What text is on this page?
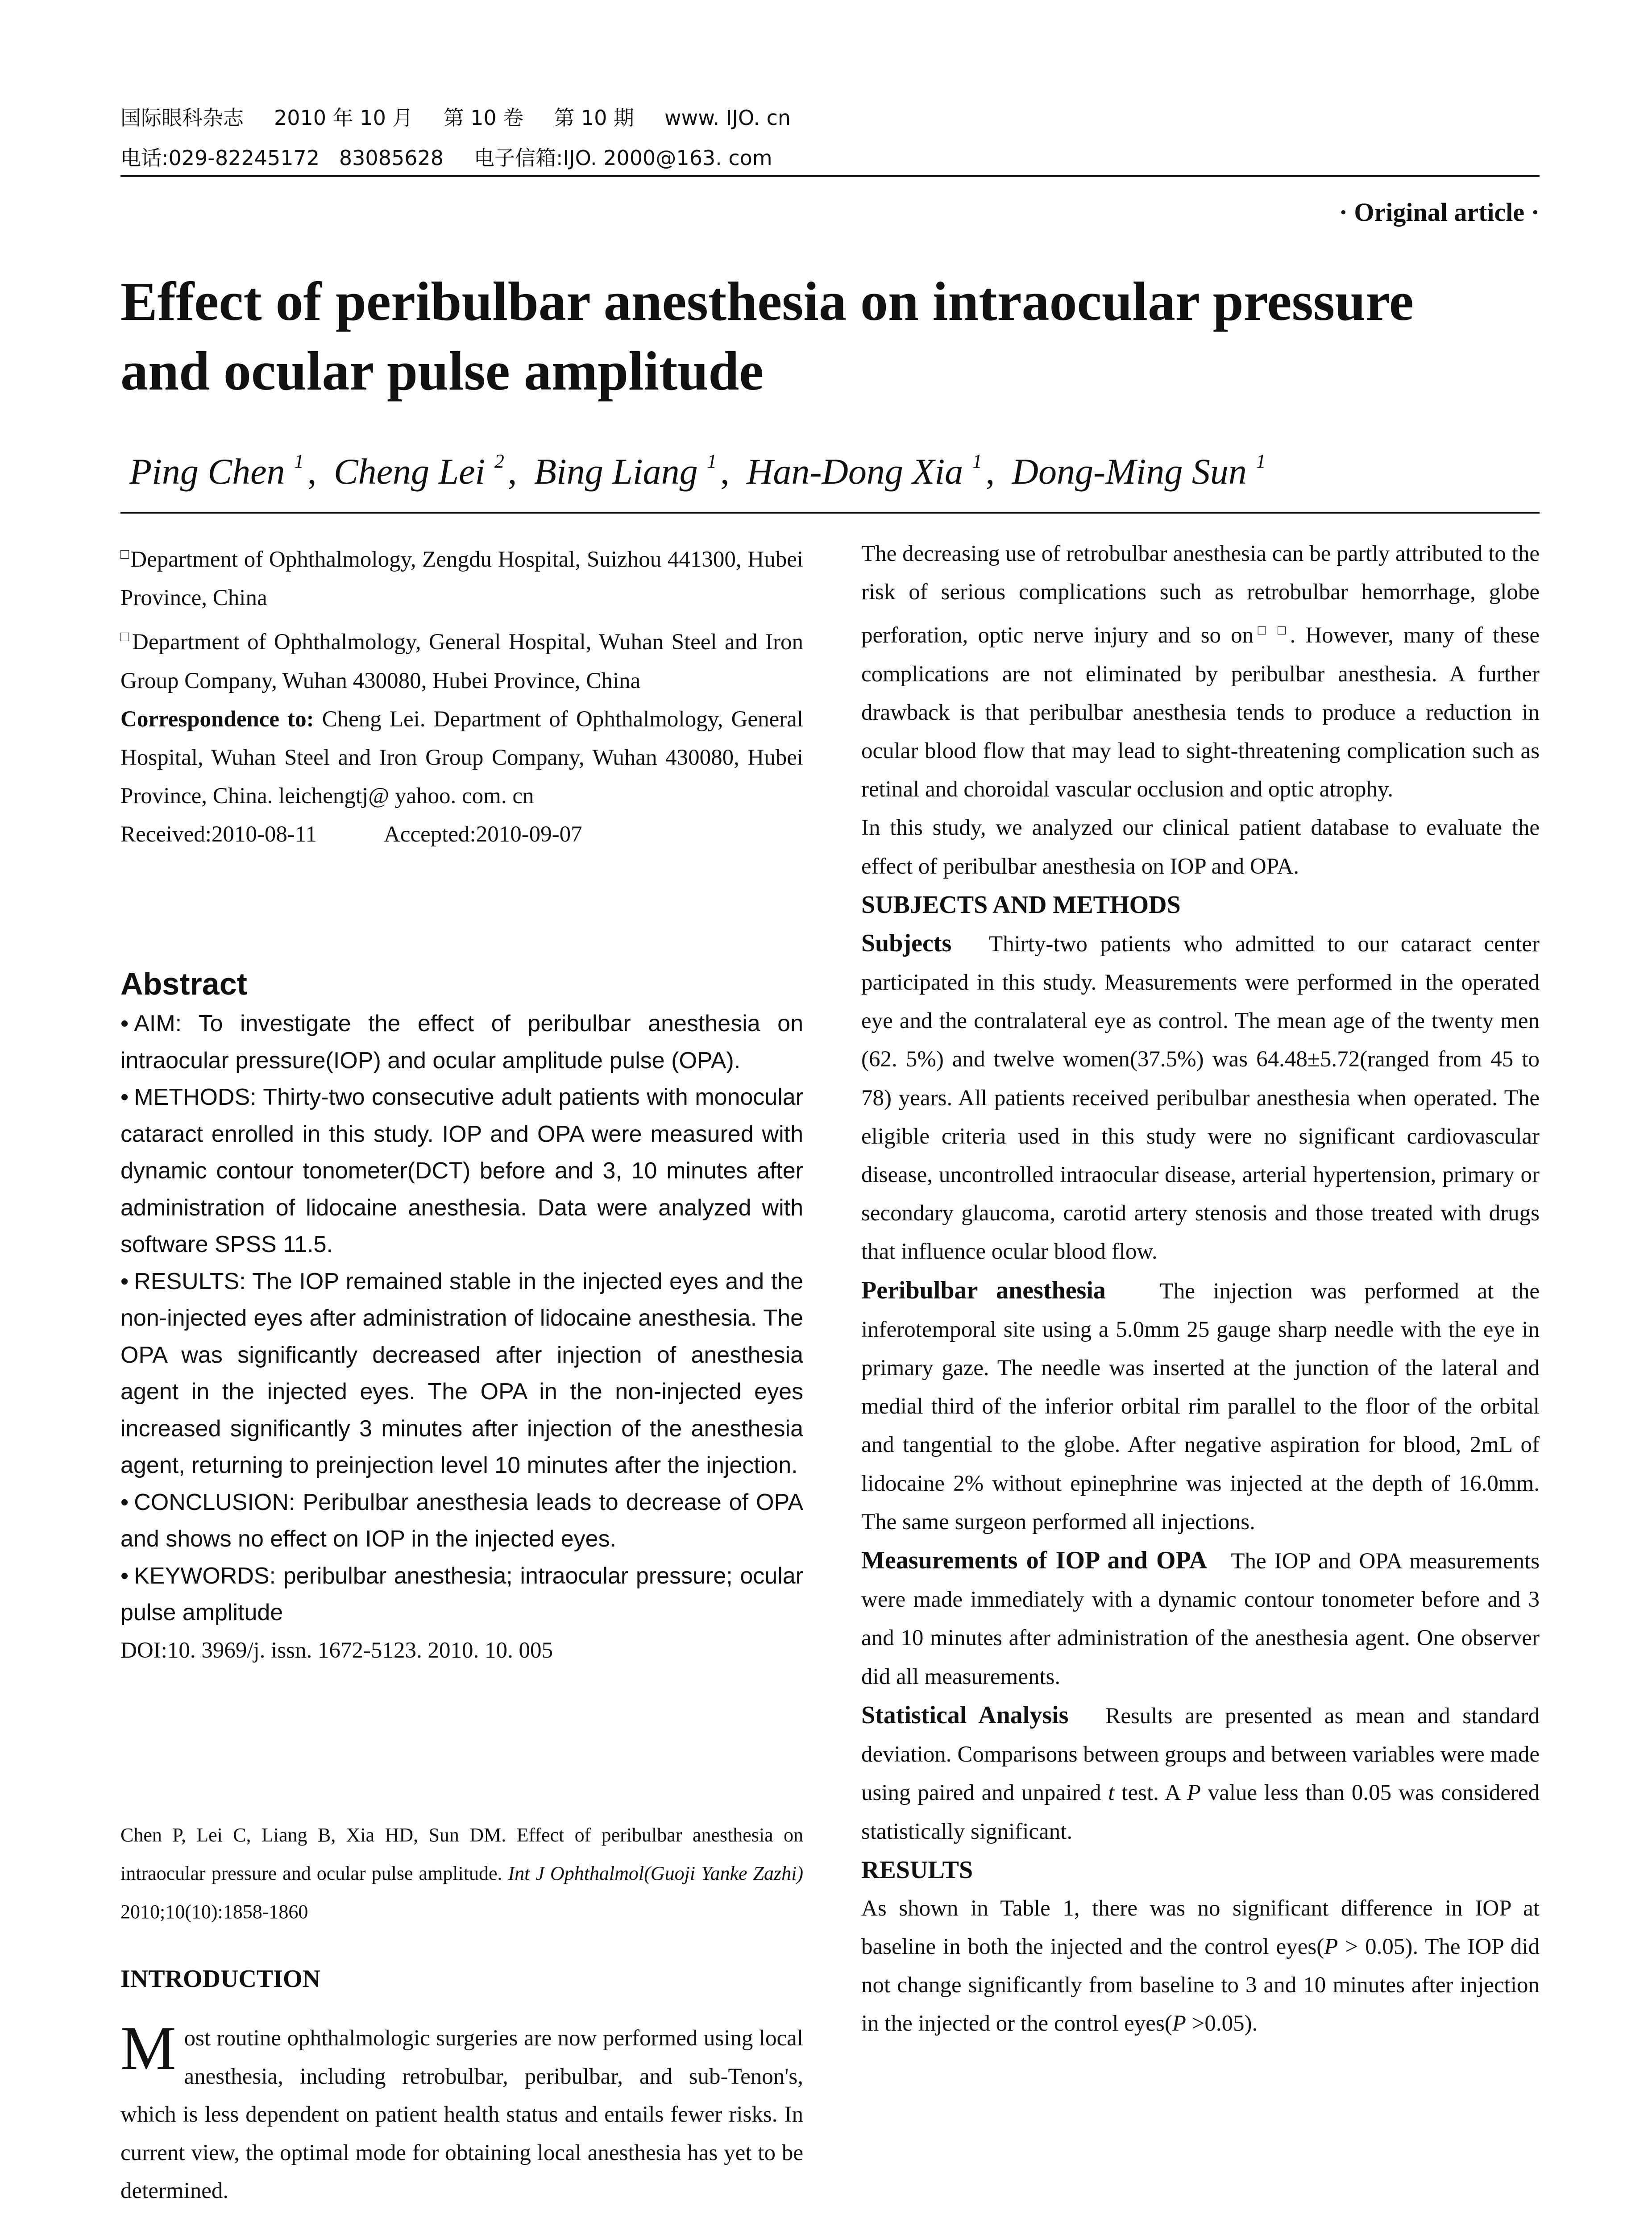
国际眼科杂志 2010 年 10 月 第 10 卷 第 10 期 www. IJO. cn
电话:029-82245172   83085628 电子信箱:IJO. 2000@163. com
· Original article ·
Effect of peribulbar anesthesia on intraocular pressure
and ocular pulse amplitude
Ping Chen $^1$, Cheng Lei $^2$, Bing Liang $^1$, Han-Dong Xia $^1$, Dong-Ming Sun $^1$

□Department of Ophthalmology, Zengdu Hospital, Suizhou 441300, Hubei Province, China

□Department of Ophthalmology, General Hospital, Wuhan Steel and Iron Group Company, Wuhan 430080, Hubei Province, China

Correspondence to: Cheng Lei. Department of Ophthalmology, General Hospital, Wuhan Steel and Iron Group Company, Wuhan 430080, Hubei Province, China. leichengtj@ yahoo. com. cn

Received:2010-08-11	Accepted:2010-09-07

Abstract

• AIM: To investigate the effect of peribulbar anesthesia on intraocular pressure(IOP) and ocular amplitude pulse (OPA).

• METHODS: Thirty-two consecutive adult patients with monocular cataract enrolled in this study. IOP and OPA were measured with dynamic contour tonometer(DCT) before and 3, 10 minutes after administration of lidocaine anesthesia. Data were analyzed with software SPSS 11.5.

• RESULTS: The IOP remained stable in the injected eyes and the non-injected eyes after administration of lidocaine anesthesia. The OPA was significantly decreased after injection of anesthesia agent in the injected eyes. The OPA in the non-injected eyes increased significantly 3 minutes after injection of the anesthesia agent, returning to preinjection level 10 minutes after the injection.

• CONCLUSION: Peribulbar anesthesia leads to decrease of OPA and shows no effect on IOP in the injected eyes.

• KEYWORDS: peribulbar anesthesia; intraocular pressure; ocular pulse amplitude

DOI:10. 3969/j. issn. 1672-5123. 2010. 10. 005

Chen P, Lei C, Liang B, Xia HD, Sun DM. Effect of peribulbar anesthesia on intraocular pressure and ocular pulse amplitude. Int J Ophthalmol(Guoji Yanke Zazhi) 2010;10(10):1858-1860
INTRODUCTION

Most routine ophthalmologic surgeries are now performed using local anesthesia, including retrobulbar, peribulbar, and sub-Tenon's, which is less dependent on patient health status and entails fewer risks. In current view, the optimal mode for obtaining local anesthesia has yet to be determined.

The decreasing use of retrobulbar anesthesia can be partly attributed to the risk of serious complications such as retrobulbar hemorrhage, globe perforation, optic nerve injury and so on□ □. However, many of these complications are not eliminated by peribulbar anesthesia. A further drawback is that peribulbar anesthesia tends to produce a reduction in ocular blood flow that may lead to sight-threatening complication such as retinal and choroidal vascular occlusion and optic atrophy.

In this study, we analyzed our clinical patient database to evaluate the effect of peribulbar anesthesia on IOP and OPA.

SUBJECTS AND METHODS

Subjects Thirty-two patients who admitted to our cataract center participated in this study. Measurements were performed in the operated eye and the contralateral eye as control. The mean age of the twenty men (62. 5%) and twelve women(37.5%) was 64.48±5.72(ranged from 45 to 78) years. All patients received peribulbar anesthesia when operated. The eligible criteria used in this study were no significant cardiovascular disease, uncontrolled intraocular disease, arterial hypertension, primary or secondary glaucoma, carotid artery stenosis and those treated with drugs that influence ocular blood flow.

Peribulbar anesthesia The injection was performed at the inferotemporal site using a 5.0mm 25 gauge sharp needle with the eye in primary gaze. The needle was inserted at the junction of the lateral and medial third of the inferior orbital rim parallel to the floor of the orbital and tangential to the globe. After negative aspiration for blood, 2mL of lidocaine 2% without epinephrine was injected at the depth of 16.0mm. The same surgeon performed all injections.

Measurements of IOP and OPA The IOP and OPA measurements were made immediately with a dynamic contour tonometer before and 3 and 10 minutes after administration of the anesthesia agent. One observer did all measurements.

Statistical Analysis Results are presented as mean and standard deviation. Comparisons between groups and between variables were made using paired and unpaired t test. A P value less than 0.05 was considered statistically significant.

RESULTS

As shown in Table 1, there was no significant difference in IOP at baseline in both the injected and the control eyes(P > 0.05). The IOP did not change significantly from baseline to 3 and 10 minutes after injection in the injected or the control eyes(P >0.05).
